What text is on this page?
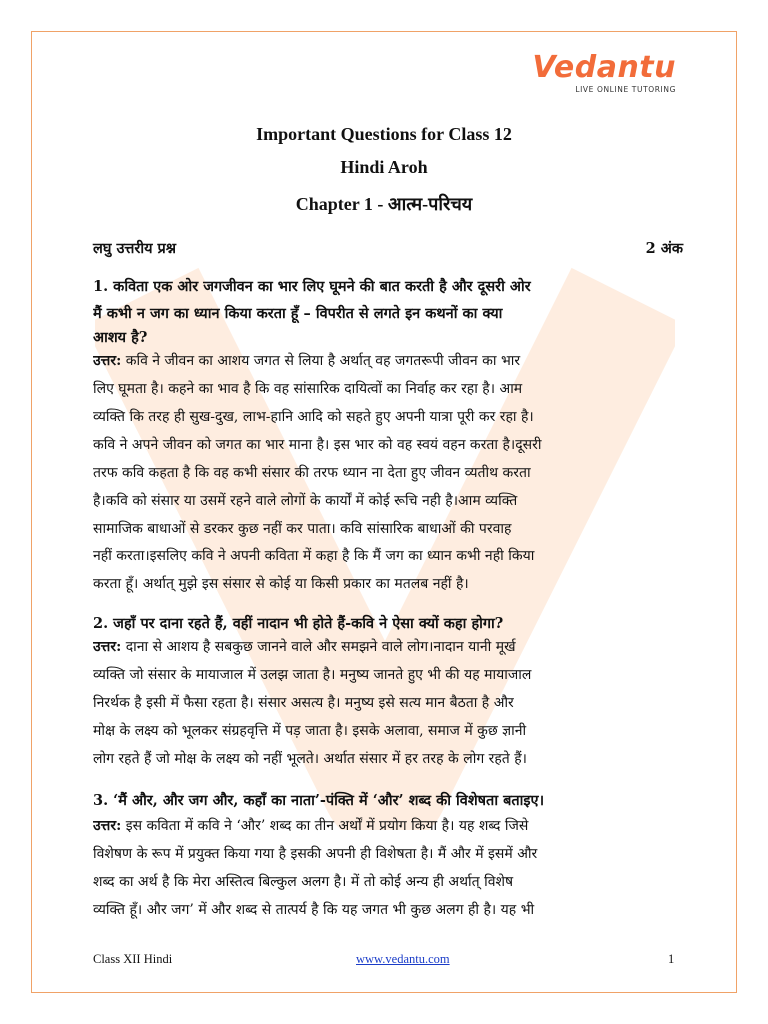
Vedantu
LIVE ONLINE TUTORING
Important Questions for Class 12
Hindi Aroh
Chapter 1 - आत्म-परिचय
लघु उत्तरीय प्रश्न	2 अंक
1. कविता एक ओर जगजीवन का भार लिए घूमने की बात करती है और दूसरी ओर
मैं कभी न जग का ध्यान किया करता हूँ – विपरीत से लगते इन कथनों का क्या
आशय है?
उत्तर: कवि ने जीवन का आशय जगत से लिया है अर्थात् वह जगतरूपी जीवन का भार
लिए घूमता है। कहने का भाव है कि वह सांसारिक दायित्वों का निर्वाह कर रहा है। आम
व्यक्ति कि तरह ही सुख-दुख, लाभ-हानि आदि को सहते हुए अपनी यात्रा पूरी कर रहा है।
कवि ने अपने जीवन को जगत का भार माना है। इस भार को वह स्वयं वहन करता है।दूसरी
तरफ कवि कहता है कि वह कभी संसार की तरफ ध्यान ना देता हुए जीवन व्यतीथ करता
है।कवि को संसार या उसमें रहने वाले लोगों के कार्यों में कोई रूचि नही है।आम व्यक्ति
सामाजिक बाधाओं से डरकर कुछ नहीं कर पाता। कवि सांसारिक बाधाओं की परवाह
नहीं करता।इसलिए कवि ने अपनी कविता में कहा है कि मैं जग का ध्यान कभी नही किया
करता हूँ। अर्थात् मुझे इस संसार से कोई या किसी प्रकार का मतलब नहीं है।
2. जहाँ पर दाना रहते हैं, वहीं नादान भी होते हैं-कवि ने ऐसा क्यों कहा होगा?
उत्तर: दाना से आशय है सबकुछ जानने वाले और समझने वाले लोग।नादान यानी मूर्ख
व्यक्ति जो संसार के मायाजाल में उलझ जाता है। मनुष्य जानते हुए भी की यह मायाजाल
निरर्थक है इसी में फैसा रहता है। संसार असत्य है। मनुष्य इसे सत्य मान बैठता है और
मोक्ष के लक्ष्य को भूलकर संग्रहवृत्ति में पड़ जाता है। इसके अलावा, समाज में कुछ ज्ञानी
लोग रहते हैं जो मोक्ष के लक्ष्य को नहीं भूलते। अर्थात संसार में हर तरह के लोग रहते हैं।
3. ‘मैं और, और जग और, कहाँ का नाता’-पंक्ति में ‘और’ शब्द की विशेषता बताइए।
उत्तर: इस कविता में कवि ने ‘और’ शब्द का तीन अर्थों में प्रयोग किया है। यह शब्द जिसे
विशेषण के रूप में प्रयुक्त किया गया है इसकी अपनी ही विशेषता है। मैं और में इसमें और
शब्द का अर्थ है कि मेरा अस्तित्व बिल्कुल अलग है। में तो कोई अन्य ही अर्थात् विशेष
व्यक्ति हूँ। और जग’ में और शब्द से तात्पर्य है कि यह जगत भी कुछ अलग ही है। यह भी
Class XII Hindi	www.vedantu.com	1
